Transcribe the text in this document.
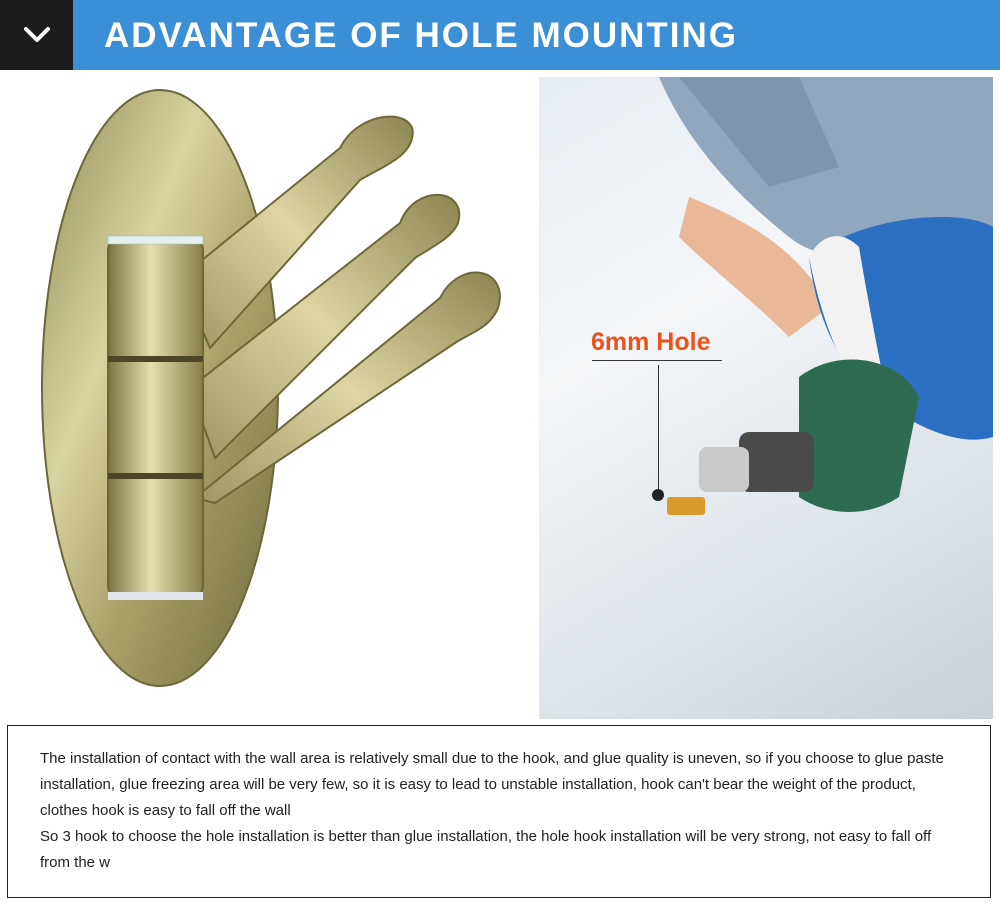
ADVANTAGE OF HOLE MOUNTING
6mm Hole

The installation of contact with the wall area is relatively small due to the hook, and glue quality is uneven, so if you choose to glue paste installation, glue freezing area will be very few, so it is easy to lead to unstable installation, hook can't bear the weight of the product, clothes hook is easy to fall off the wall

So 3 hook to choose the hole installation is better than glue installation, the hole hook installation will be very strong, not easy to fall off from the w
